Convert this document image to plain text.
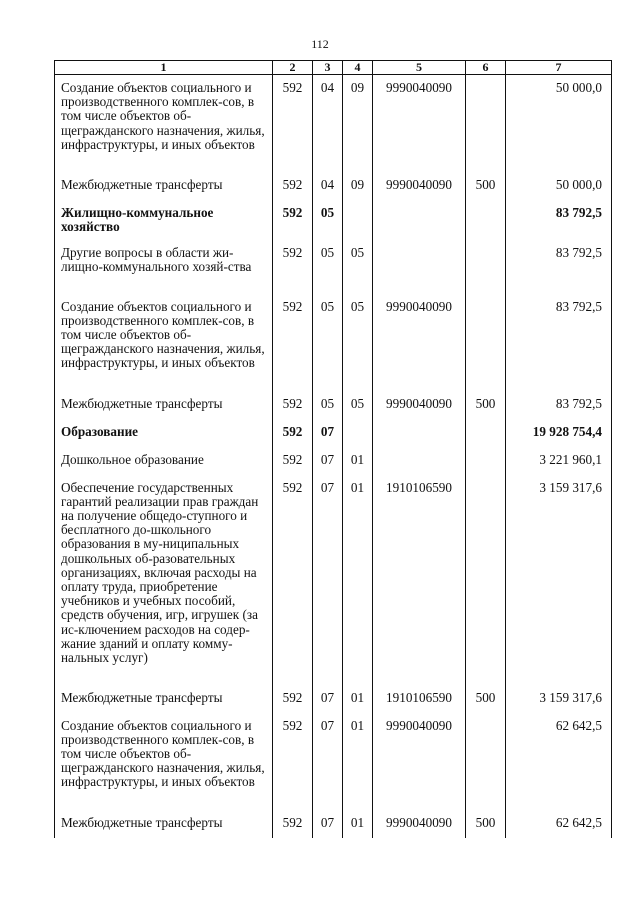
112
1	2	3	4	5	6	7
Создание объектов социального и производственного комплек-сов, в том числе объектов об-щегражданского назначения, жилья, инфраструктуры, и иных объектов	592	04	09	9990040090		50 000,0
Межбюджетные трансферты	592	04	09	9990040090	500	50 000,0
Жилищно-коммунальное хозяйство	592	05				83 792,5
Другие вопросы в области жи-лищно-коммунального хозяй-ства	592	05	05			83 792,5
Создание объектов социального и производственного комплек-сов, в том числе объектов об-щегражданского назначения, жилья, инфраструктуры, и иных объектов	592	05	05	9990040090		83 792,5
Межбюджетные трансферты	592	05	05	9990040090	500	83 792,5
Образование	592	07				19 928 754,4
Дошкольное образование	592	07	01			3 221 960,1
Обеспечение государственных гарантий реализации прав граждан на получение общедо-ступного и бесплатного до-школьного образования в му-ниципальных дошкольных об-разовательных организациях, включая расходы на оплату труда, приобретение учебников и учебных пособий, средств обучения, игр, игрушек (за ис-ключением расходов на содер-жание зданий и оплату комму-нальных услуг)	592	07	01	1910106590		3 159 317,6
Межбюджетные трансферты	592	07	01	1910106590	500	3 159 317,6
Создание объектов социального и производственного комплек-сов, в том числе объектов об-щегражданского назначения, жилья, инфраструктуры, и иных объектов	592	07	01	9990040090		62 642,5
Межбюджетные трансферты	592	07	01	9990040090	500	62 642,5
